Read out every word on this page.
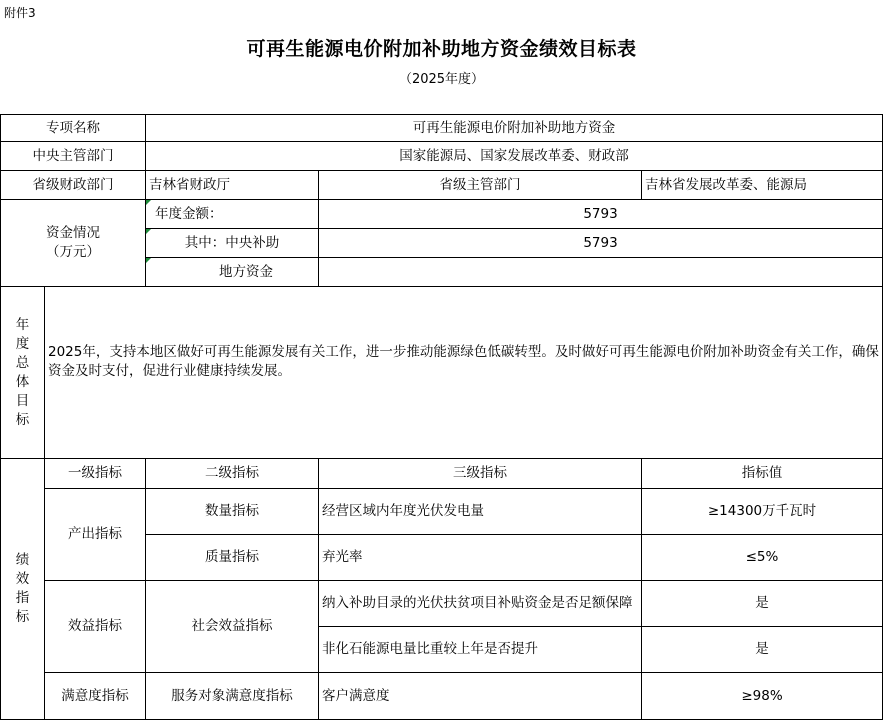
附件3
可再生能源电价附加补助地方资金绩效目标表
（2025年度）
专项名称	可再生能源电价附加补助地方资金
中央主管部门	国家能源局、国家发展改革委、财政部
省级财政部门	吉林省财政厅	省级主管部门	吉林省发展改革委、能源局
资金情况
（万元）
年度金额：	5793
其中：中央补助	5793
地方资金
年
度
总
体
目
标
2025年，支持本地区做好可再生能源发展有关工作，进一步推动能源绿色低碳转型。及时做好可再生能源电价附加补助资金有关工作，确保资金及时支付，促进行业健康持续发展。
绩
效
指
标
一级指标	二级指标	三级指标	指标值
产出指标
数量指标	经营区域内年度光伏发电量	≥14300万千瓦时
质量指标	弃光率	≤5%
效益指标	社会效益指标
纳入补助目录的光伏扶贫项目补贴资金是否足额保障	是
非化石能源电量比重较上年是否提升	是
满意度指标	服务对象满意度指标	客户满意度	≥98%
